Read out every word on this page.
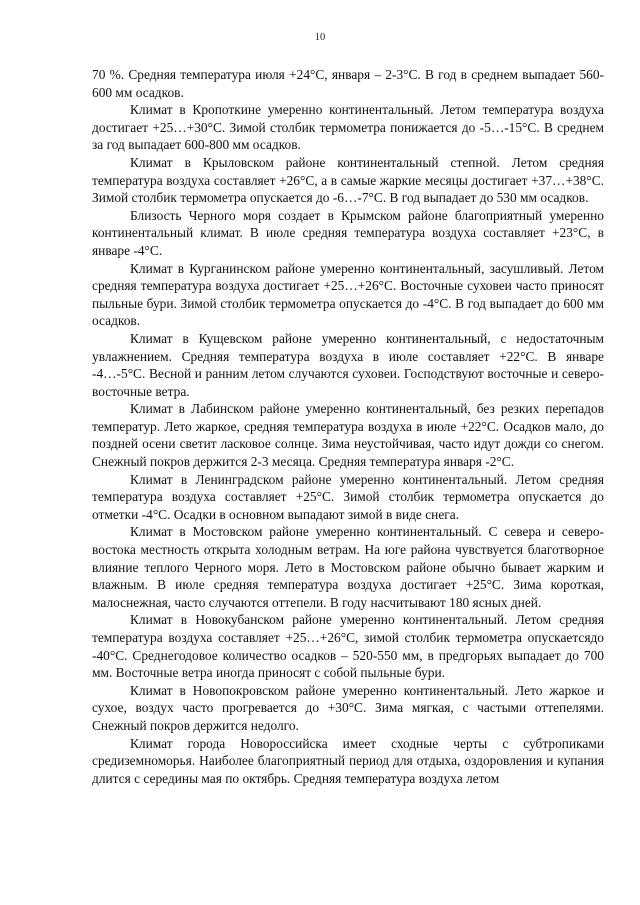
10

70 %. Средняя температура июля +24°С, января – 2-3°С. В год в среднем выпадает 560-600 мм осадков.

Климат в Кропоткине умеренно континентальный. Летом температура воздуха достигает +25…+30°С. Зимой столбик термометра понижается до -5…-15°С. В среднем за год выпадает 600-800 мм осадков.

Климат в Крыловском районе континентальный степной. Летом средняя температура воздуха составляет +26°С, а в самые жаркие месяцы достигает +37…+38°С. Зимой столбик термометра опускается до -6…-7°С. В год выпадает до 530 мм осадков.

Близость Черного моря создает в Крымском районе благоприятный умеренно континентальный климат. В июле средняя температура воздуха составляет +23°С, в январе -4°С.

Климат в Курганинском районе умеренно континентальный, засушливый. Летом средняя температура воздуха достигает +25…+26°С. Восточные суховеи часто приносят пыльные бури. Зимой столбик термометра опускается до -4°С. В год выпадает до 600 мм осадков.

Климат в Кущевском районе умеренно континентальный, с недостаточным увлажнением. Средняя температура воздуха в июле составляет +22°С. В январе -4…-5°С. Весной и ранним летом случаются суховеи. Господствуют восточные и северо-восточные ветра.

Климат в Лабинском районе умеренно континентальный, без резких перепадов температур. Лето жаркое, средняя температура воздуха в июле +22°С. Осадков мало, до поздней осени светит ласковое солнце. Зима неустойчивая, часто идут дожди со снегом. Снежный покров держится 2-3 месяца. Средняя температура января -2°С.

Климат в Ленинградском районе умеренно континентальный. Летом средняя температура воздуха составляет +25°С. Зимой столбик термометра опускается до отметки -4°С. Осадки в основном выпадают зимой в виде снега.

Климат в Мостовском районе умеренно континентальный. С севера и северо-востока местность открыта холодным ветрам. На юге района чувствуется благотворное влияние теплого Черного моря. Лето в Мостовском районе обычно бывает жарким и влажным. В июле средняя температура воздуха достигает +25°С. Зима короткая, малоснежная, часто случаются оттепели. В году насчитывают 180 ясных дней.

Климат в Новокубанском районе умеренно континентальный. Летом средняя температура воздуха составляет +25…+26°С, зимой столбик термометра опускаетсядо -40°С. Среднегодовое количество осадков – 520-550 мм, в предгорьях выпадает до 700 мм. Восточные ветра иногда приносят с собой пыльные бури.

Климат в Новопокровском районе умеренно континентальный. Лето жаркое и сухое, воздух часто прогревается до +30°С. Зима мягкая, с частыми оттепелями. Снежный покров держится недолго.

Климат города Новороссийска имеет сходные черты с субтропиками средиземноморья. Наиболее благоприятный период для отдыха, оздоровления и купания длится с середины мая по октябрь. Средняя температура воздуха летом
